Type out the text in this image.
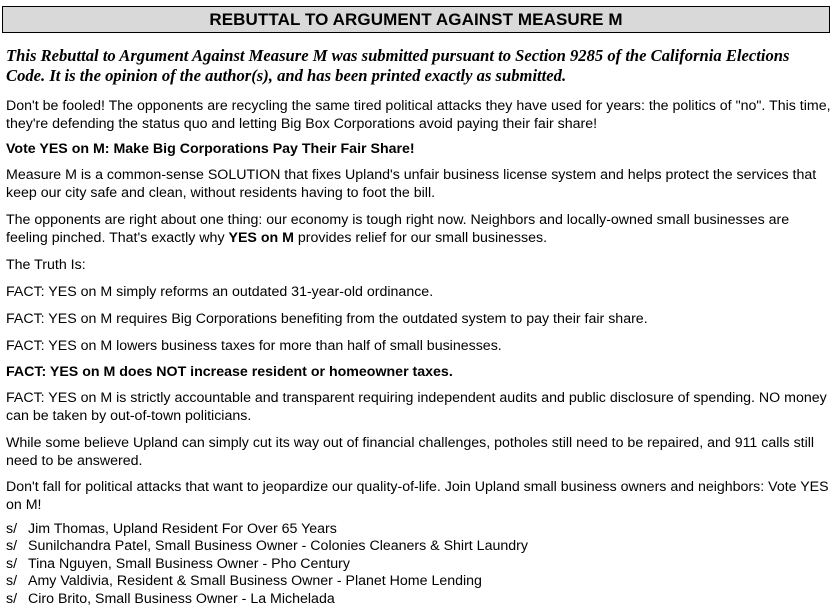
REBUTTAL TO ARGUMENT AGAINST MEASURE M

This Rebuttal to Argument Against Measure M was submitted pursuant to Section 9285 of the California Elections Code. It is the opinion of the author(s), and has been printed exactly as submitted.

Don't be fooled! The opponents are recycling the same tired political attacks they have used for years: the politics of "no". This time, they're defending the status quo and letting Big Box Corporations avoid paying their fair share!

Vote YES on M: Make Big Corporations Pay Their Fair Share!

Measure M is a common-sense SOLUTION that fixes Upland's unfair business license system and helps protect the services that keep our city safe and clean, without residents having to foot the bill.

The opponents are right about one thing: our economy is tough right now. Neighbors and locally-owned small businesses are feeling pinched. That's exactly why YES on M provides relief for our small businesses.

The Truth Is:

FACT: YES on M simply reforms an outdated 31-year-old ordinance.

FACT: YES on M requires Big Corporations benefiting from the outdated system to pay their fair share.

FACT: YES on M lowers business taxes for more than half of small businesses.

FACT: YES on M does NOT increase resident or homeowner taxes.

FACT: YES on M is strictly accountable and transparent requiring independent audits and public disclosure of spending. NO money can be taken by out-of-town politicians.

While some believe Upland can simply cut its way out of financial challenges, potholes still need to be repaired, and 911 calls still need to be answered.

Don't fall for political attacks that want to jeopardize our quality-of-life. Join Upland small business owners and neighbors: Vote YES on M!

s/ Jim Thomas, Upland Resident For Over 65 Years
s/ Sunilchandra Patel, Small Business Owner - Colonies Cleaners & Shirt Laundry
s/ Tina Nguyen, Small Business Owner - Pho Century
s/ Amy Valdivia, Resident & Small Business Owner - Planet Home Lending
s/ Ciro Brito, Small Business Owner - La Michelada
